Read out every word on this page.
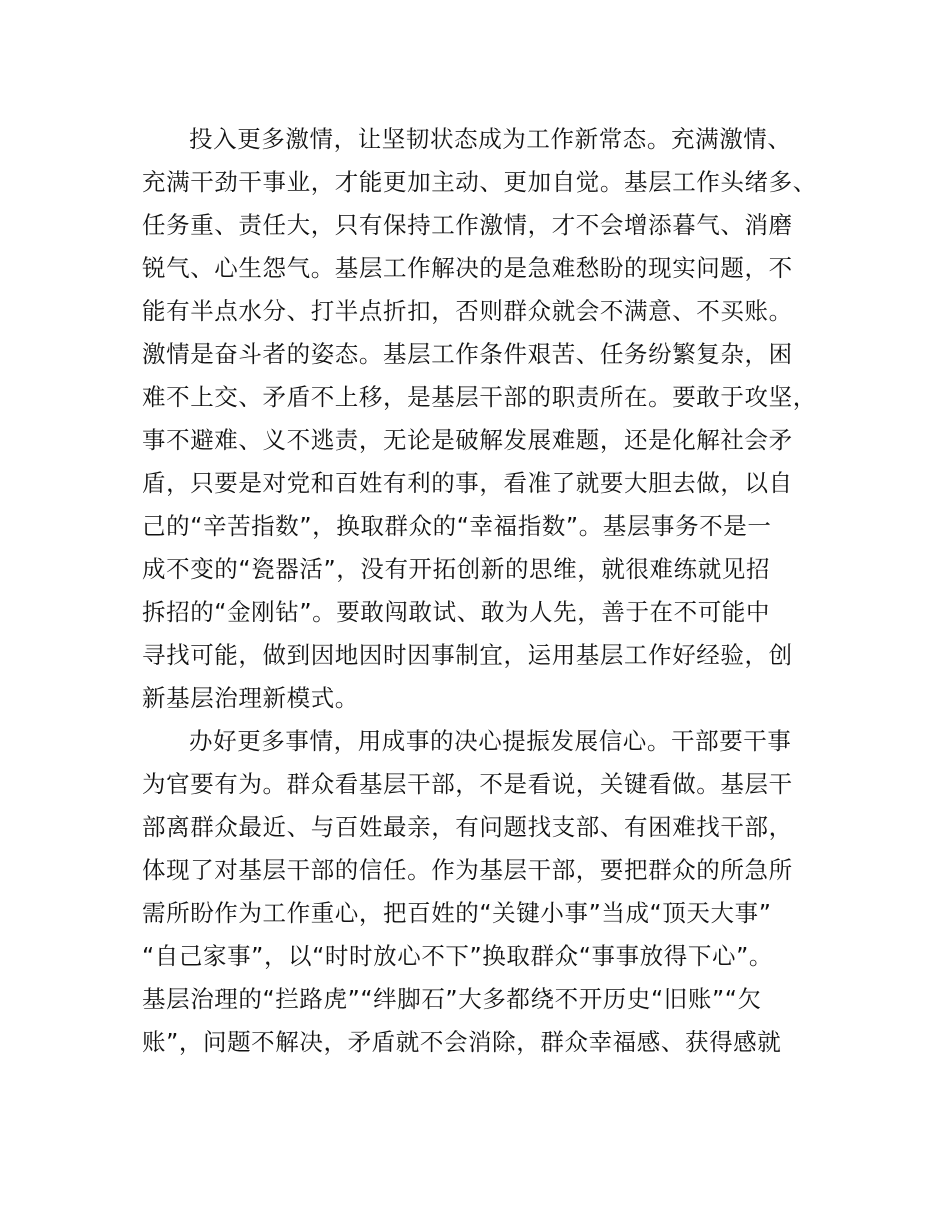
投入更多激情，让坚韧状态成为工作新常态。充满激情、
充满干劲干事业，才能更加主动、更加自觉。基层工作头绪多、
任务重、责任大，只有保持工作激情，才不会增添暮气、消磨
锐气、心生怨气。基层工作解决的是急难愁盼的现实问题，不
能有半点水分、打半点折扣，否则群众就会不满意、不买账。
激情是奋斗者的姿态。基层工作条件艰苦、任务纷繁复杂，困
难不上交、矛盾不上移，是基层干部的职责所在。要敢于攻坚，
事不避难、义不逃责，无论是破解发展难题，还是化解社会矛
盾，只要是对党和百姓有利的事，看准了就要大胆去做，以自
己的“辛苦指数”，换取群众的“幸福指数”。基层事务不是一
成不变的“瓷器活”，没有开拓创新的思维，就很难练就见招
拆招的“金刚钻”。要敢闯敢试、敢为人先，善于在不可能中
寻找可能，做到因地因时因事制宜，运用基层工作好经验，创
新基层治理新模式。
办好更多事情，用成事的决心提振发展信心。干部要干事
为官要有为。群众看基层干部，不是看说，关键看做。基层干
部离群众最近、与百姓最亲，有问题找支部、有困难找干部，
体现了对基层干部的信任。作为基层干部，要把群众的所急所
需所盼作为工作重心，把百姓的“关键小事”当成“顶天大事”
“自己家事”，以“时时放心不下”换取群众“事事放得下心”。
基层治理的“拦路虎”“绊脚石”大多都绕不开历史“旧账”“欠
账”，问题不解决，矛盾就不会消除，群众幸福感、获得感就
